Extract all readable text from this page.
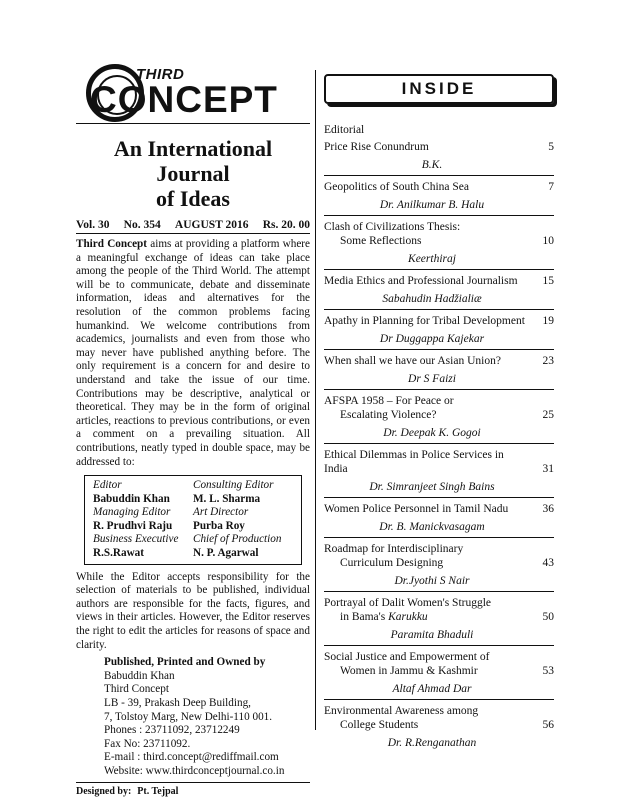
THIRD
CONCEPT
An International Journal
of Ideas
Vol. 30 No. 354 AUGUST 2016 Rs. 20. 00

Third Concept aims at providing a platform where a meaningful exchange of ideas can take place among the people of the Third World. The attempt will be to communicate, debate and disseminate information, ideas and alternatives for the resolution of the common problems facing humankind. We welcome contributions from academics, journalists and even from those who may never have published anything before. The only requirement is a concern for and desire to understand and take the issue of our time. Contributions may be descriptive, analytical or theoretical. They may be in the form of original articles, reactions to previous contributions, or even a comment on a prevailing situation. All contributions, neatly typed in double space, may be addressed to:

Editor	Consulting Editor
Babuddin Khan	M. L. Sharma
Managing Editor	Art Director
R. Prudhvi Raju	Purba Roy
Business Executive	Chief of Production
R.S.Rawat	N. P. Agarwal

While the Editor accepts responsibility for the selection of materials to be published, individual authors are responsible for the facts, figures, and views in their articles. However, the Editor reserves the right to edit the articles for reasons of space and clarity.

Published, Printed and Owned by
Babuddin Khan
Third Concept
LB - 39, Prakash Deep Building,
7, Tolstoy Marg, New Delhi-110 001.
Phones : 23711092, 23712249
Fax No: 23711092.
E-mail : third.concept@rediffmail.com
Website: www.thirdconceptjournal.co.in
Designed by: Pt. Tejpal
INSIDE
Editorial
Price Rise Conundrum	5
B.K.
Geopolitics of South China Sea	7
Dr. Anilkumar B. Halu
Clash of Civilizations Thesis:
Some Reflections	10
Keerthiraj
Media Ethics and Professional Journalism	15
Sabahudin Hadžialiæ
Apathy in Planning for Tribal Development	19
Dr Duggappa Kajekar
When shall we have our Asian Union?	23
Dr S Faizi
AFSPA 1958 – For Peace or
Escalating Violence?	25
Dr. Deepak K. Gogoi
Ethical Dilemmas in Police Services in India	31
Dr. Simranjeet Singh Bains
Women Police Personnel in Tamil Nadu	36
Dr. B. Manickvasagam
Roadmap for Interdisciplinary
Curriculum Designing	43
Dr.Jyothi S Nair
Portrayal of Dalit Women's Struggle
in Bama's Karukku	50
Paramita Bhaduli
Social Justice and Empowerment of
Women in Jammu & Kashmir	53
Altaf Ahmad Dar
Environmental Awareness among
College Students	56
Dr. R.Renganathan
